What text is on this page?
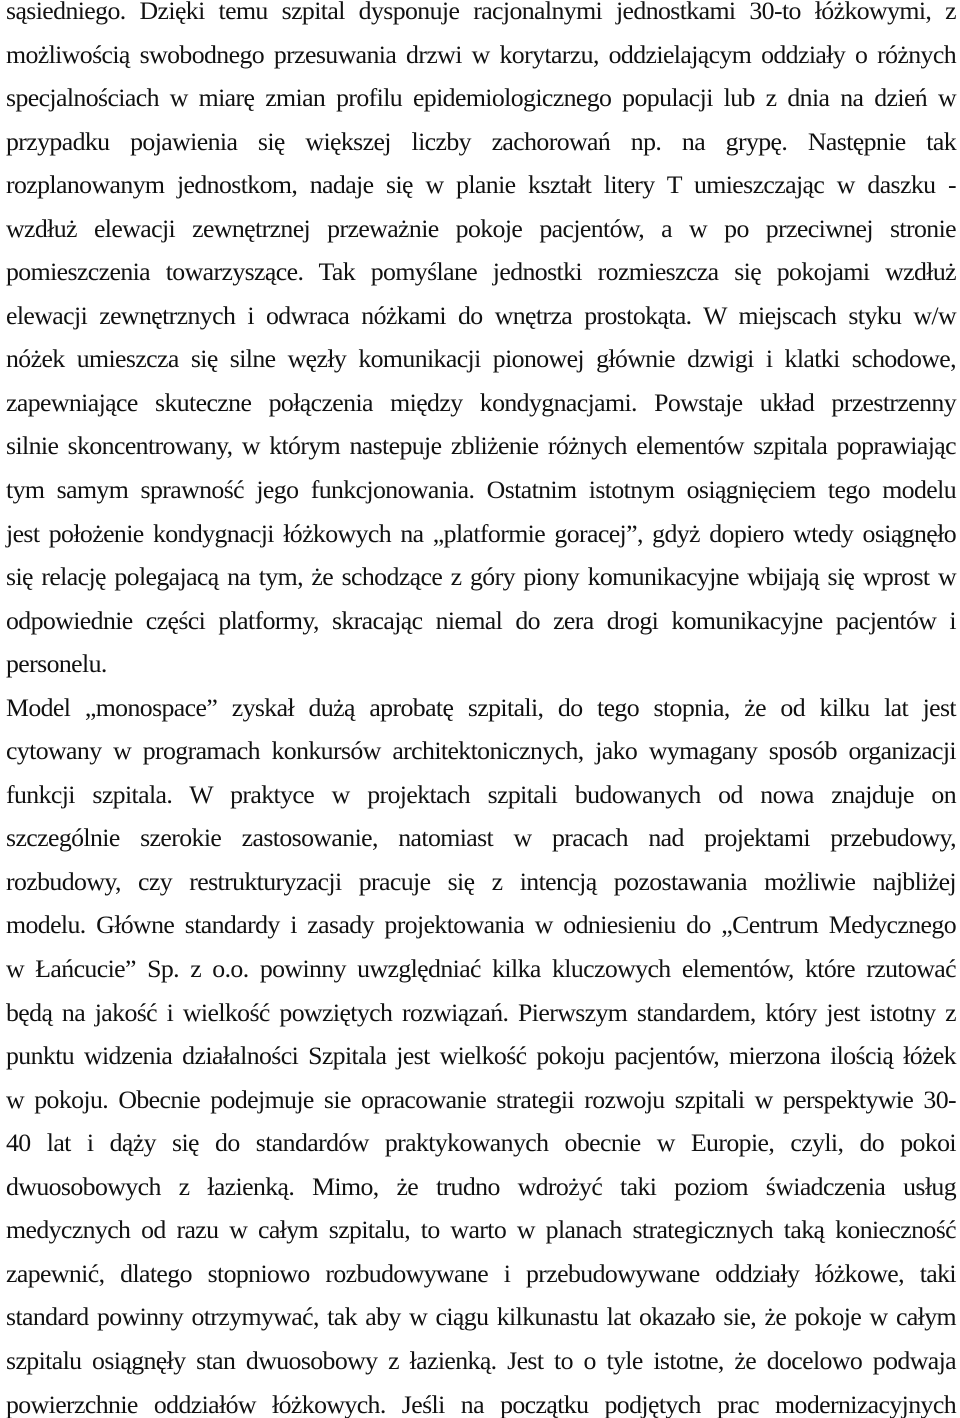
sąsiedniego. Dzięki temu szpital dysponuje racjonalnymi jednostkami 30-to łóżkowymi, z
możliwością swobodnego przesuwania drzwi w korytarzu, oddzielającym oddziały o różnych
specjalnościach w miarę zmian profilu epidemiologicznego populacji lub z dnia na dzień w
przypadku pojawienia się większej liczby zachorowań np. na grypę. Następnie tak
rozplanowanym jednostkom, nadaje się w planie kształt litery T umieszczając w daszku -
wzdłuż elewacji zewnętrznej przeważnie pokoje pacjentów, a w po przeciwnej stronie
pomieszczenia towarzyszące. Tak pomyślane jednostki rozmieszcza się pokojami wzdłuż
elewacji zewnętrznych i odwraca nóżkami do wnętrza prostokąta. W miejscach styku w/w
nóżek umieszcza się silne węzły komunikacji pionowej głównie dzwigi i klatki schodowe,
zapewniające skuteczne połączenia między kondygnacjami. Powstaje układ przestrzenny
silnie skoncentrowany, w którym nastepuje zbliżenie różnych elementów szpitala poprawiając
tym samym sprawność jego funkcjonowania. Ostatnim istotnym osiągnięciem tego modelu
jest położenie kondygnacji łóżkowych na „platformie goracej”, gdyż dopiero wtedy osiągnęło
się relację polegajacą na tym, że schodzące z góry piony komunikacyjne wbijają się wprost w
odpowiednie części platformy, skracając niemal do zera drogi komunikacyjne pacjentów i
personelu.
Model „monospace” zyskał dużą aprobatę szpitali, do tego stopnia, że od kilku lat jest
cytowany w programach konkursów architektonicznych, jako wymagany sposób organizacji
funkcji szpitala. W praktyce w projektach szpitali budowanych od nowa znajduje on
szczególnie szerokie zastosowanie, natomiast w pracach nad projektami przebudowy,
rozbudowy, czy restrukturyzacji pracuje się z intencją pozostawania możliwie najbliżej
modelu. Główne standardy i zasady projektowania w odniesieniu do „Centrum Medycznego
w Łańcucie” Sp. z o.o. powinny uwzględniać kilka kluczowych elementów, które rzutować
będą na jakość i wielkość powziętych rozwiązań. Pierwszym standardem, który jest istotny z
punktu widzenia działalności Szpitala jest wielkość pokoju pacjentów, mierzona ilością łóżek
w pokoju. Obecnie podejmuje sie opracowanie strategii rozwoju szpitali w perspektywie 30-
40 lat i dąży się do standardów praktykowanych obecnie w Europie, czyli, do pokoi
dwuosobowych z łazienką. Mimo, że trudno wdrożyć taki poziom świadczenia usług
medycznych od razu w całym szpitalu, to warto w planach strategicznych taką konieczność
zapewnić, dlatego stopniowo rozbudowywane i przebudowywane oddziały łóżkowe, taki
standard powinny otrzymywać, tak aby w ciągu kilkunastu lat okazało sie, że pokoje w całym
szpitalu osiągnęły stan dwuosobowy z łazienką. Jest to o tyle istotne, że docelowo podwaja
powierzchnie oddziałów łóżkowych. Jeśli na początku podjętych prac modernizacyjnych
